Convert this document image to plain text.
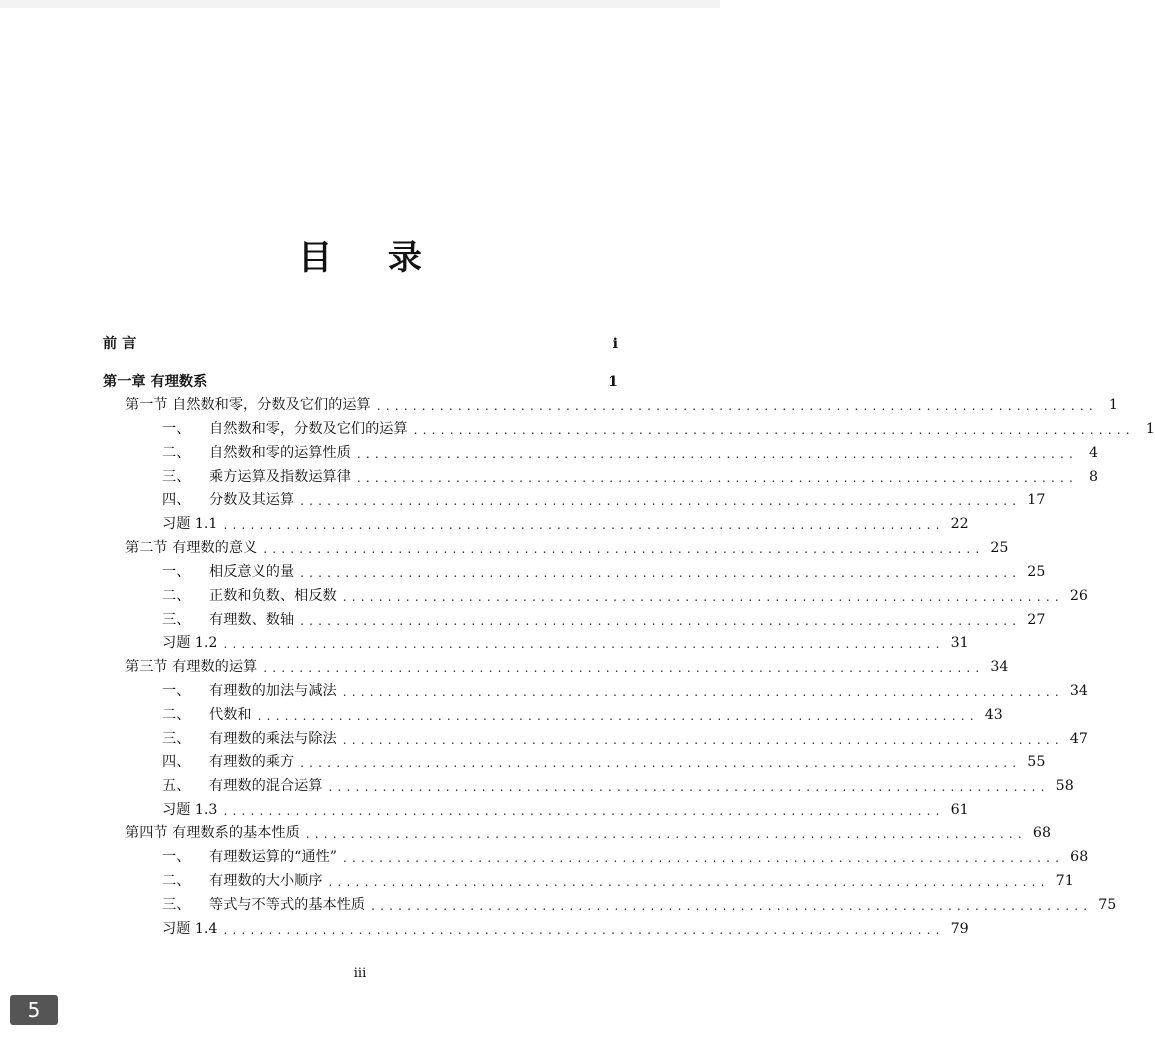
目 录
前 言	i
第一章 有理数系	1
第一节 自然数和零，分数及它们的运算 ................................................................................ 1
一、 自然数和零，分数及它们的运算 ................................................................................ 1
二、 自然数和零的运算性质 ................................................................................ 4
三、 乘方运算及指数运算律 ................................................................................ 8
四、 分数及其运算 ................................................................................ 17
习题 1.1 ................................................................................ 22
第二节 有理数的意义 ................................................................................ 25
一、 相反意义的量 ................................................................................ 25
二、 正数和负数、相反数 ................................................................................ 26
三、 有理数、数轴 ................................................................................ 27
习题 1.2 ................................................................................ 31
第三节 有理数的运算 ................................................................................ 34
一、 有理数的加法与减法 ................................................................................ 34
二、 代数和 ................................................................................ 43
三、 有理数的乘法与除法 ................................................................................ 47
四、 有理数的乘方 ................................................................................ 55
五、 有理数的混合运算 ................................................................................ 58
习题 1.3 ................................................................................ 61
第四节 有理数系的基本性质 ................................................................................ 68
一、 有理数运算的“通性” ................................................................................ 68
二、 有理数的大小顺序 ................................................................................ 71
三、 等式与不等式的基本性质 ................................................................................ 75
习题 1.4 ................................................................................ 79
iii
5
